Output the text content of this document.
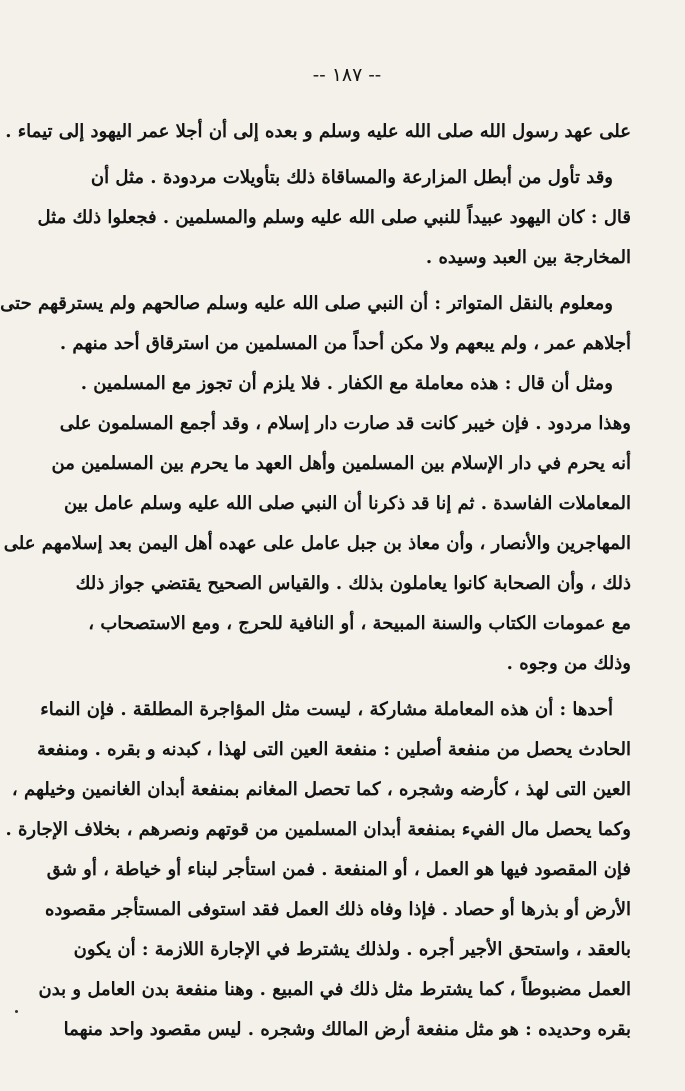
-- ١٨٧ --
على عهد رسول الله صلى الله عليه وسلم و بعده إلى أن أجلا عمر اليهود إلى تيماء .
وقد تأول من أبطل المزارعة والمساقاة ذلك بتأويلات مردودة . مثل أن
قال : كان اليهود عبيداً للنبي صلى الله عليه وسلم والمسلمين . فجعلوا ذلك مثل
المخارجة بين العبد وسيده .
ومعلوم بالنقل المتواتر : أن النبي صلى الله عليه وسلم صالحهم ولم يسترقهم حتى
أجلاهم عمر ، ولم يبعهم ولا مكن أحداً من المسلمين من استرقاق أحد منهم .
ومثل أن قال : هذه معاملة مع الكفار . فلا يلزم أن تجوز مع المسلمين .
وهذا مردود . فإن خيبر كانت قد صارت دار إسلام ، وقد أجمع المسلمون على
أنه يحرم في دار الإسلام بين المسلمين وأهل العهد ما يحرم بين المسلمين من
المعاملات الفاسدة . ثم إنا قد ذكرنا أن النبي صلى الله عليه وسلم عامل بين
المهاجرين والأنصار ، وأن معاذ بن جبل عامل على عهده أهل اليمن بعد إسلامهم على
ذلك ، وأن الصحابة كانوا يعاملون بذلك . والقياس الصحيح يقتضي جواز ذلك
مع عمومات الكتاب والسنة المبيحة ، أو النافية للحرج ، ومع الاستصحاب ،
وذلك من وجوه .
أحدها : أن هذه المعاملة مشاركة ، ليست مثل المؤاجرة المطلقة . فإن النماء
الحادث يحصل من منفعة أصلين : منفعة العين التى لهذا ، كبدنه و بقره . ومنفعة
العين التى لهذ ، كأرضه وشجره ، كما تحصل المغانم بمنفعة أبدان الغانمين وخيلهم ،
وكما يحصل مال الفيء بمنفعة أبدان المسلمين من قوتهم ونصرهم ، بخلاف الإجارة .
فإن المقصود فيها هو العمل ، أو المنفعة . فمن استأجر لبناء أو خياطة ، أو شق
الأرض أو بذرها أو حصاد . فإذا وفاه ذلك العمل فقد استوفى المستأجر مقصوده
بالعقد ، واستحق الأجير أجره . ولذلك يشترط في الإجارة اللازمة : أن يكون
العمل مضبوطاً ، كما يشترط مثل ذلك في المبيع . وهنا منفعة بدن العامل و بدن
بقره وحديده : هو مثل منفعة أرض المالك وشجره . ليس مقصود واحد منهما
